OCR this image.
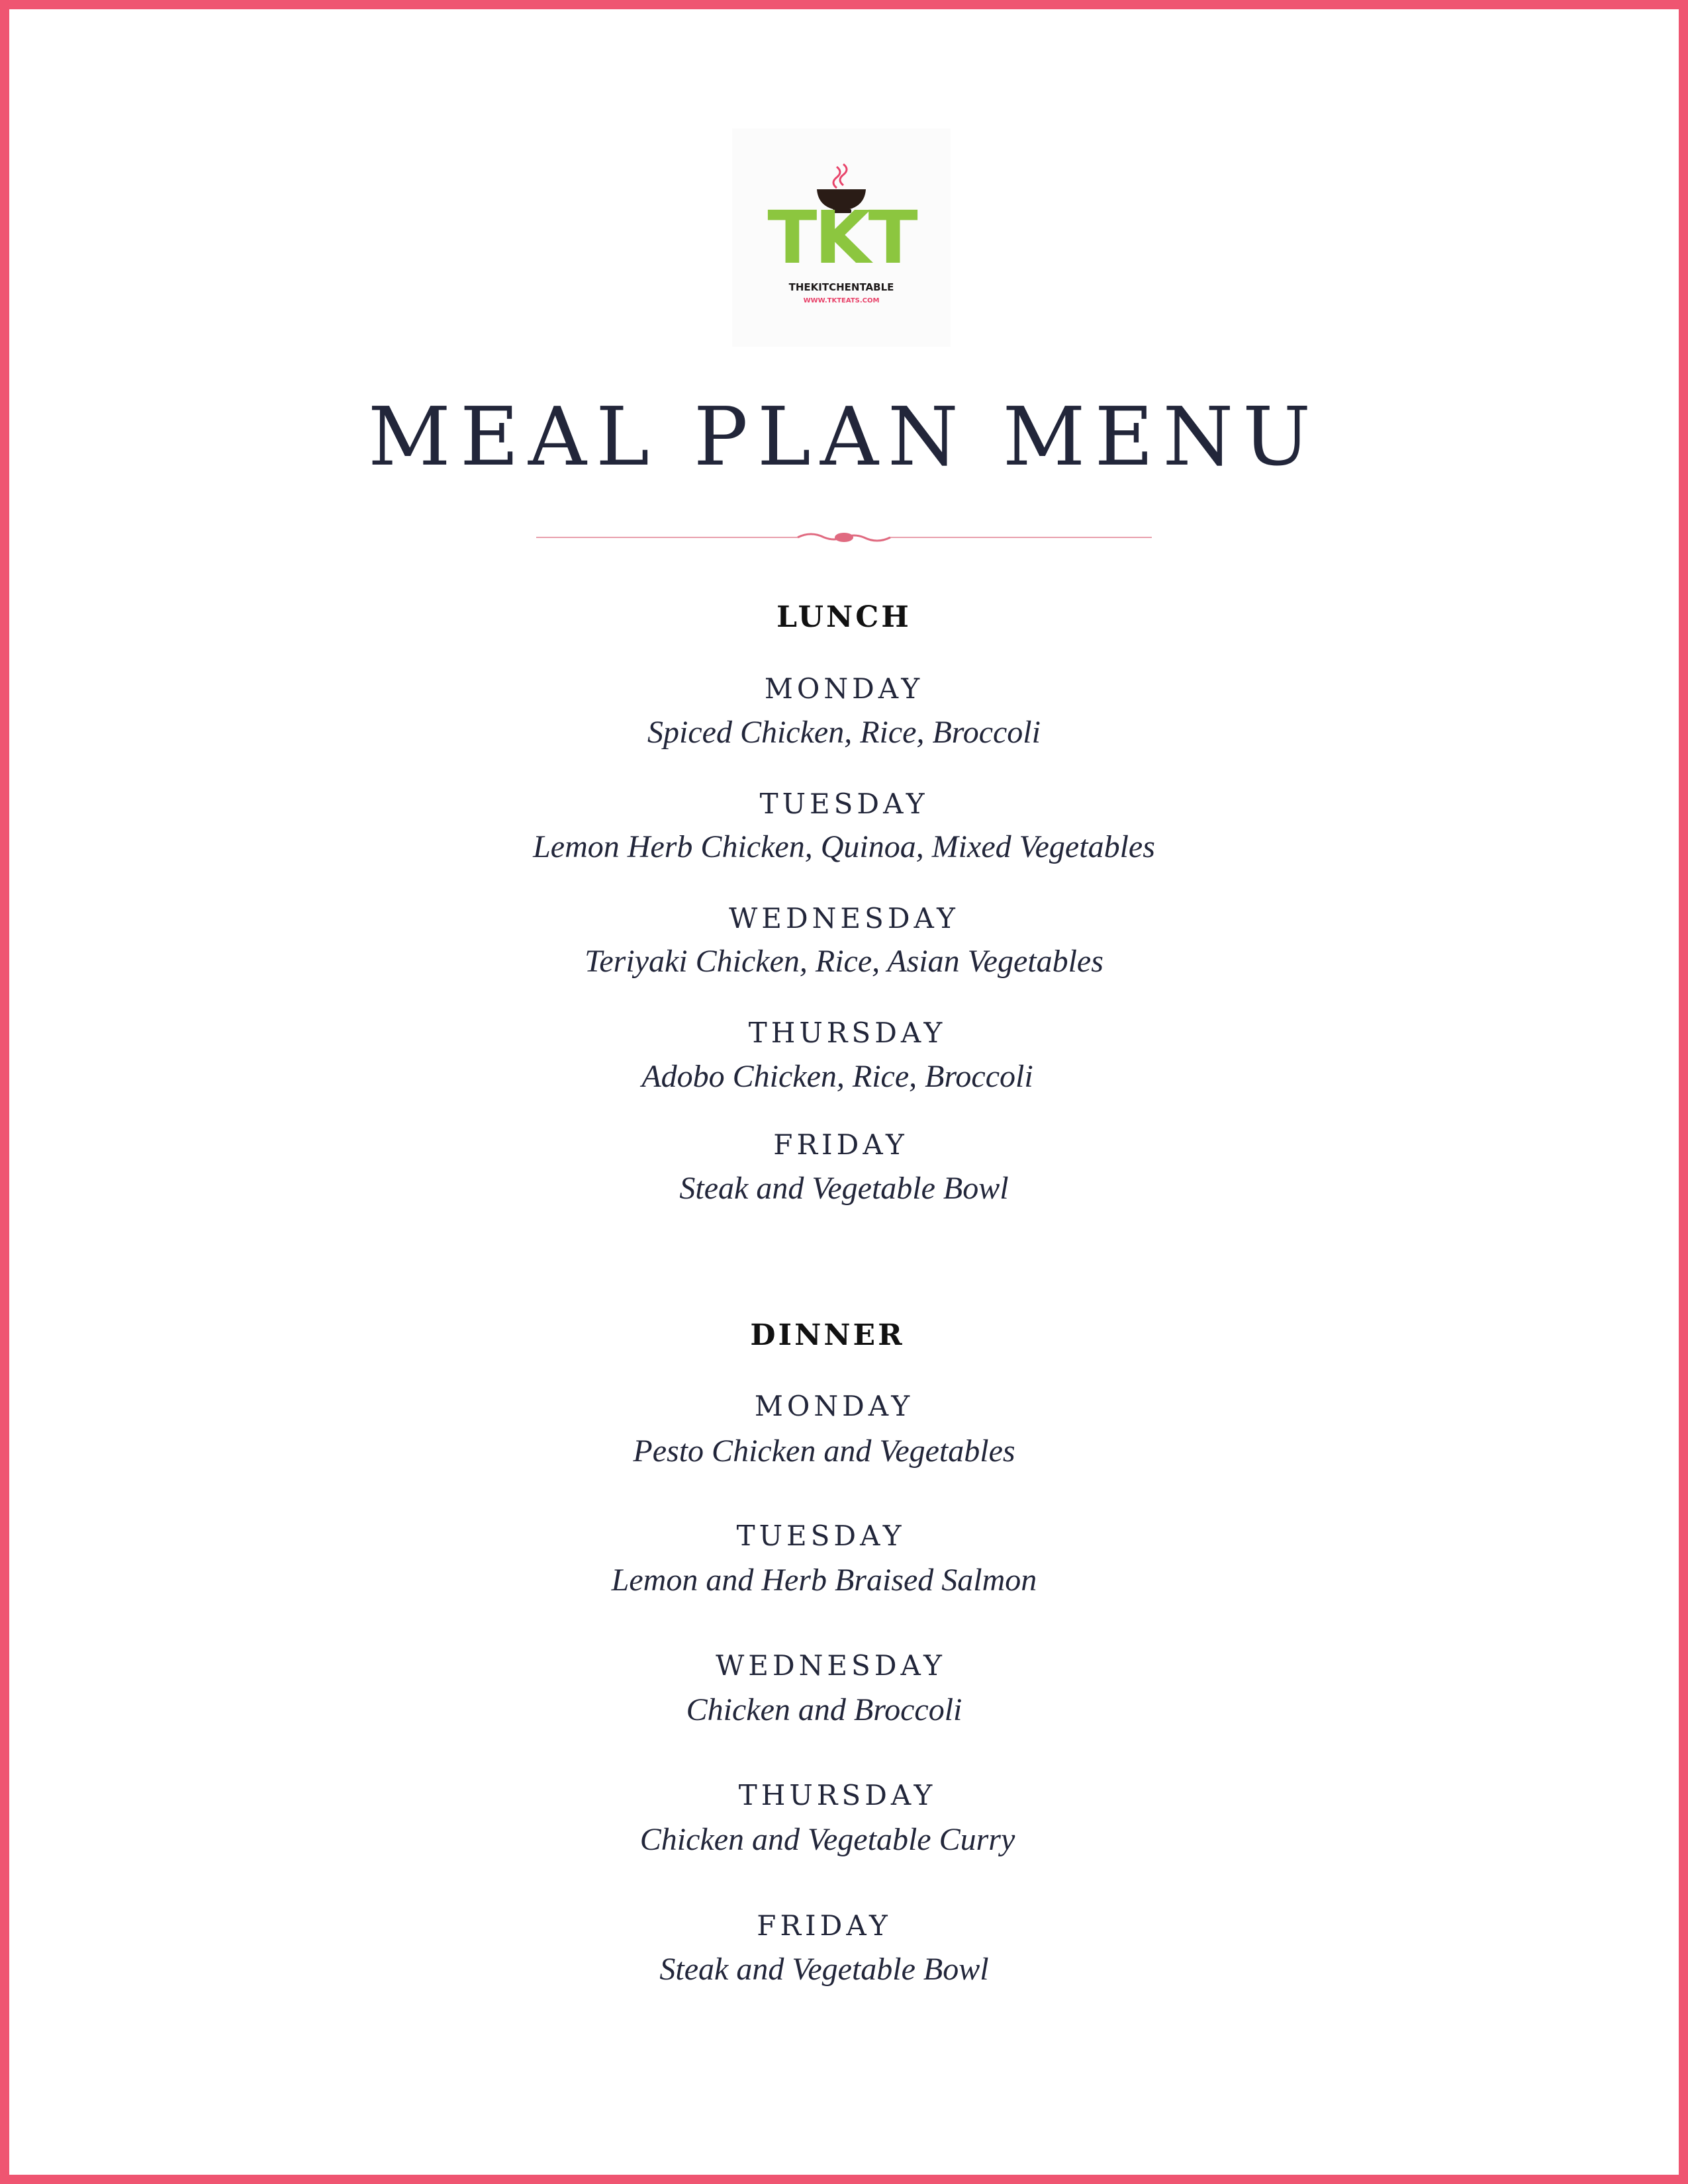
TKT
THEKITCHENTABLE
WWW.TKTEATS.COM
MEAL PLAN MENU
LUNCH
MONDAY
Spiced Chicken, Rice, Broccoli
TUESDAY
Lemon Herb Chicken, Quinoa, Mixed Vegetables
WEDNESDAY
Teriyaki Chicken, Rice, Asian Vegetables
THURSDAY
Adobo Chicken, Rice, Broccoli
FRIDAY
Steak and Vegetable Bowl
DINNER
MONDAY
Pesto Chicken and Vegetables
TUESDAY
Lemon and Herb Braised Salmon
WEDNESDAY
Chicken and Broccoli
THURSDAY
Chicken and Vegetable Curry
FRIDAY
Steak and Vegetable Bowl
